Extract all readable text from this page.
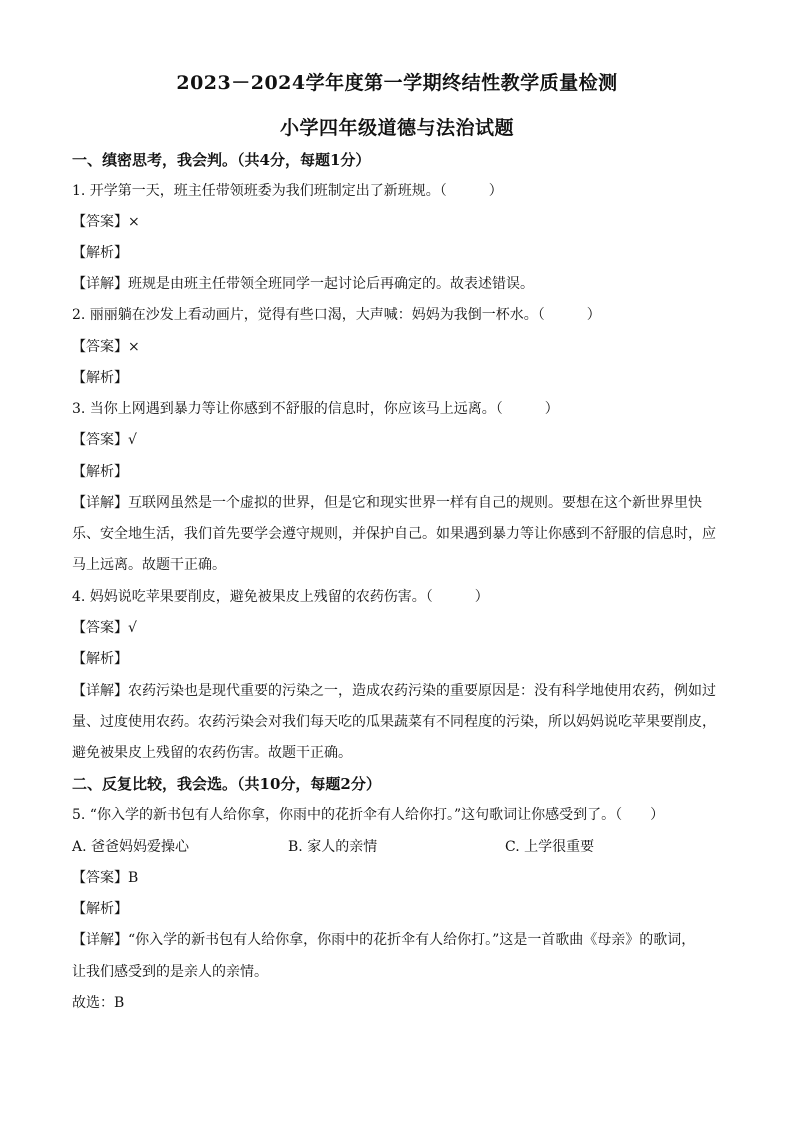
2023－2024学年度第一学期终结性教学质量检测
小学四年级道德与法治试题
一、缜密思考，我会判。（共4分，每题1分）
1. 开学第一天，班主任带领班委为我们班制定出了新班规。（　　　）
【答案】×
【解析】
【详解】班规是由班主任带领全班同学一起讨论后再确定的。故表述错误。
2. 丽丽躺在沙发上看动画片，觉得有些口渴，大声喊：妈妈为我倒一杯水。（　　　）
【答案】×
【解析】
3. 当你上网遇到暴力等让你感到不舒服的信息时，你应该马上远离。（　　　）
【答案】√
【解析】
【详解】互联网虽然是一个虚拟的世界，但是它和现实世界一样有自己的规则。要想在这个新世界里快
乐、安全地生活，我们首先要学会遵守规则，并保护自己。如果遇到暴力等让你感到不舒服的信息时，应
马上远离。故题干正确。
4. 妈妈说吃苹果要削皮，避免被果皮上残留的农药伤害。（　　　）
【答案】√
【解析】
【详解】农药污染也是现代重要的污染之一，造成农药污染的重要原因是：没有科学地使用农药，例如过
量、过度使用农药。农药污染会对我们每天吃的瓜果蔬菜有不同程度的污染，所以妈妈说吃苹果要削皮，
避免被果皮上残留的农药伤害。故题干正确。
二、反复比较，我会选。（共10分，每题2分）
5. “你入学的新书包有人给你拿，你雨中的花折伞有人给你打。”这句歌词让你感受到了。（　　）
A. 爸爸妈妈爱操心	B. 家人的亲情	C. 上学很重要
【答案】B
【解析】
【详解】“你入学的新书包有人给你拿，你雨中的花折伞有人给你打。”这是一首歌曲《母亲》的歌词，
让我们感受到的是亲人的亲情。
故选：B
